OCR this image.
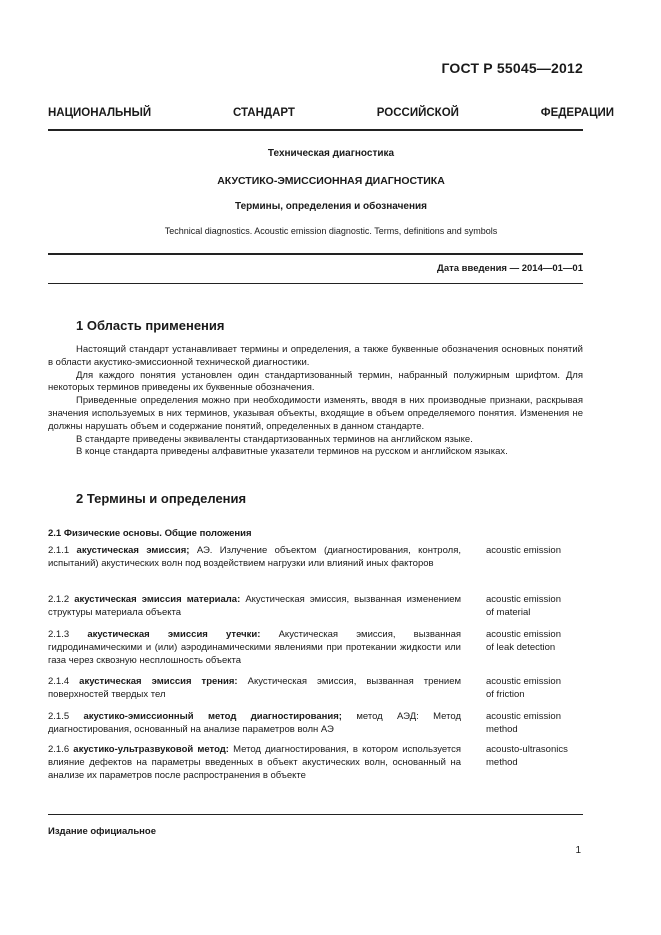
ГОСТ Р 55045—2012
НАЦИОНАЛЬНЫЙ СТАНДАРТ РОССИЙСКОЙ ФЕДЕРАЦИИ
Техническая диагностика
АКУСТИКО-ЭМИССИОННАЯ ДИАГНОСТИКА
Термины, определения и обозначения
Technical diagnostics. Acoustic emission diagnostic. Terms, definitions and symbols
Дата введения — 2014—01—01
1 Область применения

Настоящий стандарт устанавливает термины и определения, а также буквенные обозначения основных понятий в области акустико-эмиссионной технической диагностики.

Для каждого понятия установлен один стандартизованный термин, набранный полужирным шрифтом. Для некоторых терминов приведены их буквенные обозначения.

Приведенные определения можно при необходимости изменять, вводя в них производные признаки, раскрывая значения используемых в них терминов, указывая объекты, входящие в объем определяемого понятия. Изменения не должны нарушать объем и содержание понятий, определенных в данном стандарте.

В стандарте приведены эквиваленты стандартизованных терминов на английском языке.

В конце стандарта приведены алфавитные указатели терминов на русском и английском языках.

2 Термины и определения
2.1 Физические основы. Общие положения
2.1.1 акустическая эмиссия; АЭ. Излучение объектом (диагностирования, контроля, испытаний) акустических волн под воздействием нагрузки или влияний иных факторов
acoustic emission

2.1.2 акустическая эмиссия материала: Акустическая эмиссия, вызванная изменением структуры материала объекта
acoustic emission
of material
2.1.3 акустическая эмиссия утечки: Акустическая эмиссия, вызванная гидродинамическими и (или) аэродинамическими явлениями при протекании жидкости или газа через сквозную несплошность объекта
acoustic emission
of leak detection
2.1.4 акустическая эмиссия трения: Акустическая эмиссия, вызванная трением поверхностей твердых тел
acoustic emission
of friction
2.1.5 акустико-эмиссионный метод диагностирования; метод АЭД: Метод диагностирования, основанный на анализе параметров волн АЭ
acoustic emission
method
2.1.6 акустико-ультразвуковой метод: Метод диагностирования, в котором используется влияние дефектов на параметры введенных в объект акустических волн, основанный на анализе их параметров после распространения в объекте
acousto-ultrasonics
method
Издание официальное
1
